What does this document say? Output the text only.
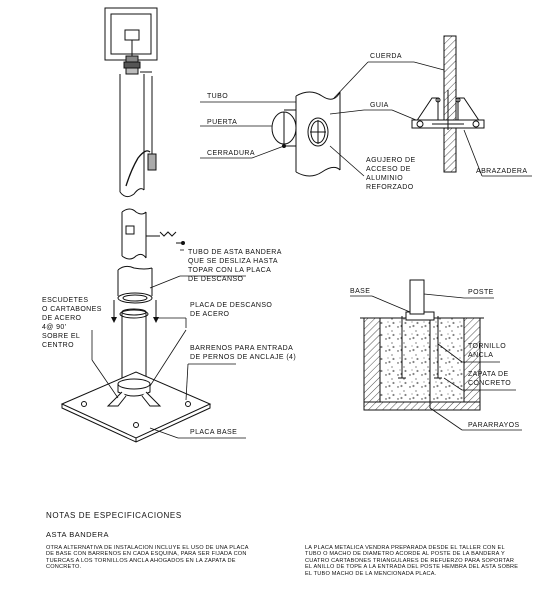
TUBO
PUERTA
CERRADURA
CUERDA
GUIA
AGUJERO DE
ACCESO DE
ALUMINIO
REFORZADO
ABRAZADERA
TUBO DE ASTA BANDERA
QUE SE DESLIZA HASTA
TOPAR CON LA PLACA
DE DESCANSO
ESCUDETES
O CARTABONES
DE ACERO
4@ 90'
SOBRE EL
CENTRO
PLACA DE DESCANSO
DE ACERO
BARRENOS PARA ENTRADA
DE PERNOS DE ANCLAJE (4)
PLACA BASE
BASE	POSTE
TORNILLO
ANCLA
ZAPATA DE
CONCRETO
PARARRAYOS
NOTAS DE ESPECIFICACIONES
ASTA BANDERA

OTRA ALTERNATIVA DE INSTALACION INCLUYE EL USO DE UNA PLACA DE BASE CON BARRENOS EN CADA ESQUINA, PARA SER FIJADA CON TUERCAS A LOS TORNILLOS ANCLA AHOGADOS EN LA ZAPATA DE CONCRETO.

LA PLACA METALICA VENDRA PREPARADA DESDE EL TALLER CON EL TUBO O MACHO DE DIAMETRO ACORDE AL POSTE DE LA BANDERA Y CUATRO CARTABONES TRIANGULARES DE REFUERZO PARA SOPORTAR EL ANILLO DE TOPE A LA ENTRADA DEL POSTE HEMBRA DEL ASTA SOBRE EL TUBO MACHO DE LA MENCIONADA PLACA.
